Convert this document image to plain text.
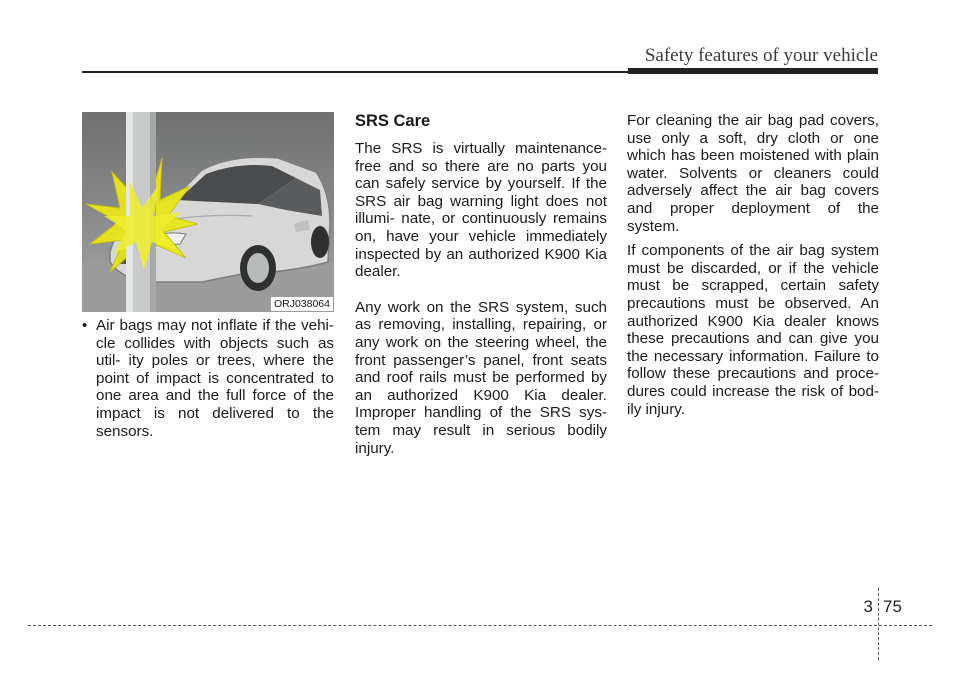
Safety features of your vehicle
ORJ038064
• Air bags may not inflate if the vehi- cle collides with objects such as util- ity poles or trees, where the point of impact is concentrated to one area and the full force of the impact is not delivered to the sensors.
SRS Care

The SRS is virtually maintenance- free and so there are no parts you can safely service by yourself. If the SRS air bag warning light does not illumi- nate, or continuously remains on, have your vehicle immediately inspected by an authorized K900 Kia dealer.

Any work on the SRS system, such as removing, installing, repairing, or any work on the steering wheel, the front passenger’s panel, front seats and roof rails must be performed by an authorized K900 Kia dealer. Improper handling of the SRS sys- tem may result in serious bodily injury.

For cleaning the air bag pad covers, use only a soft, dry cloth or one which has been moistened with plain water. Solvents or cleaners could adversely affect the air bag covers and proper deployment of the system.

If components of the air bag system must be discarded, or if the vehicle must be scrapped, certain safety precautions must be observed. An authorized K900 Kia dealer knows these precautions and can give you the necessary information. Failure to follow these precautions and proce- dures could increase the risk of bod- ily injury.

3 75
